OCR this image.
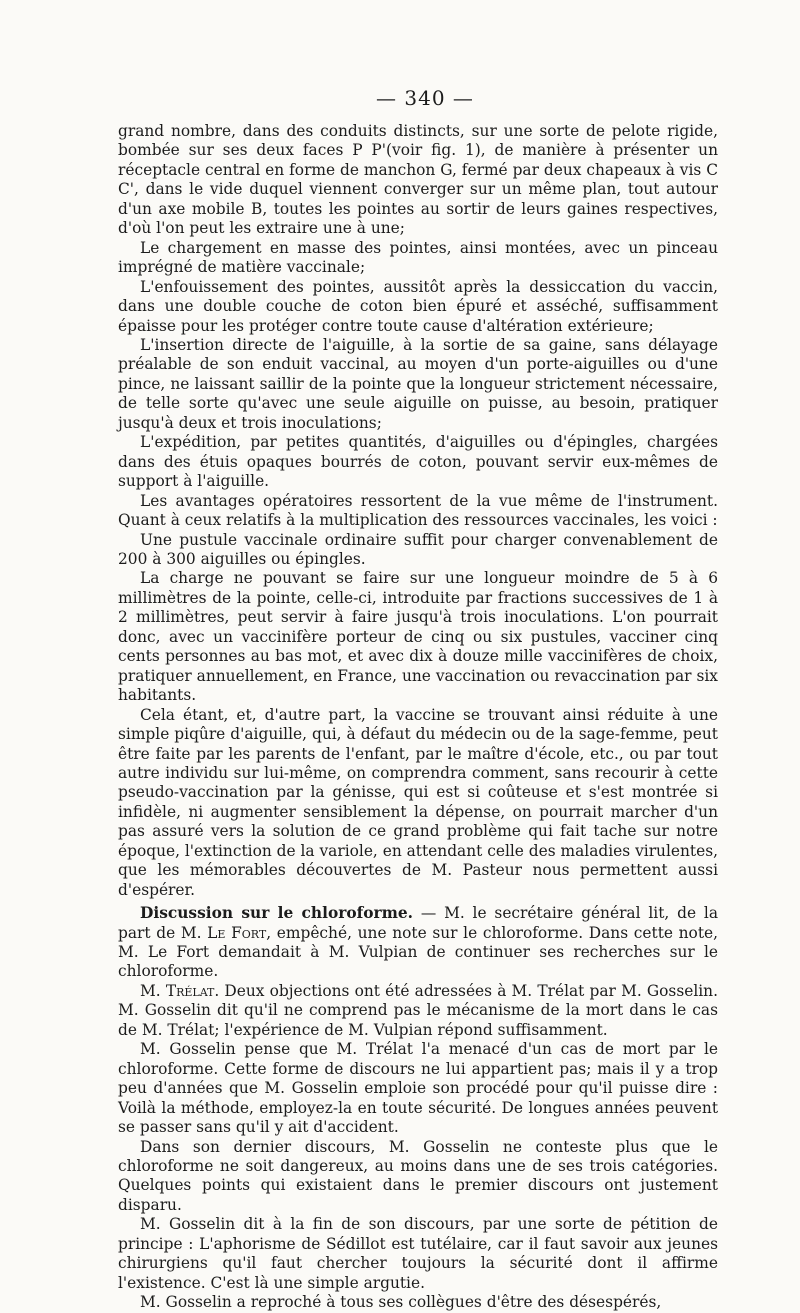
— 340 —

grand nombre, dans des conduits distincts, sur une sorte de pelote rigide, bombée sur ses deux faces P P'(voir fig. 1), de manière à présenter un réceptacle central en forme de manchon G, fermé par deux chapeaux à vis C C', dans le vide duquel viennent converger sur un même plan, tout autour d'un axe mobile B, toutes les pointes au sortir de leurs gaines respectives, d'où l'on peut les extraire une à une;

Le chargement en masse des pointes, ainsi montées, avec un pinceau imprégné de matière vaccinale;

L'enfouissement des pointes, aussitôt après la dessiccation du vaccin, dans une double couche de coton bien épuré et asséché, suffisamment épaisse pour les protéger contre toute cause d'altération extérieure;

L'insertion directe de l'aiguille, à la sortie de sa gaine, sans délayage préalable de son enduit vaccinal, au moyen d'un porte-aiguilles ou d'une pince, ne laissant saillir de la pointe que la longueur strictement nécessaire, de telle sorte qu'avec une seule aiguille on puisse, au besoin, pratiquer jusqu'à deux et trois inoculations;

L'expédition, par petites quantités, d'aiguilles ou d'épingles, chargées dans des étuis opaques bourrés de coton, pouvant servir eux-mêmes de support à l'aiguille.

Les avantages opératoires ressortent de la vue même de l'instrument. Quant à ceux relatifs à la multiplication des ressources vaccinales, les voici :

Une pustule vaccinale ordinaire suffit pour charger convenablement de 200 à 300 aiguilles ou épingles.

La charge ne pouvant se faire sur une longueur moindre de 5 à 6 millimètres de la pointe, celle-ci, introduite par fractions successives de 1 à 2 millimètres, peut servir à faire jusqu'à trois inoculations. L'on pourrait donc, avec un vaccinifère porteur de cinq ou six pustules, vacciner cinq cents personnes au bas mot, et avec dix à douze mille vaccinifères de choix, pratiquer annuellement, en France, une vaccination ou revaccination par six habitants.

Cela étant, et, d'autre part, la vaccine se trouvant ainsi réduite à une simple piqûre d'aiguille, qui, à défaut du médecin ou de la sage-femme, peut être faite par les parents de l'enfant, par le maître d'école, etc., ou par tout autre individu sur lui-même, on comprendra comment, sans recourir à cette pseudo-vaccination par la génisse, qui est si coûteuse et s'est montrée si infidèle, ni augmenter sensiblement la dépense, on pourrait marcher d'un pas assuré vers la solution de ce grand problème qui fait tache sur notre époque, l'extinction de la variole, en attendant celle des maladies virulentes, que les mémorables découvertes de M. Pasteur nous permettent aussi d'espérer.

Discussion sur le chloroforme. — M. le secrétaire général lit, de la part de M. Le Fort, empêché, une note sur le chloroforme. Dans cette note, M. Le Fort demandait à M. Vulpian de continuer ses recherches sur le chloroforme.

M. Trélat. Deux objections ont été adressées à M. Trélat par M. Gosselin. M. Gosselin dit qu'il ne comprend pas le mécanisme de la mort dans le cas de M. Trélat; l'expérience de M. Vulpian répond suffisamment.

M. Gosselin pense que M. Trélat l'a menacé d'un cas de mort par le chloroforme. Cette forme de discours ne lui appartient pas; mais il y a trop peu d'années que M. Gosselin emploie son procédé pour qu'il puisse dire : Voilà la méthode, employez-la en toute sécurité. De longues années peuvent se passer sans qu'il y ait d'accident.

Dans son dernier discours, M. Gosselin ne conteste plus que le chloroforme ne soit dangereux, au moins dans une de ses trois catégories. Quelques points qui existaient dans le premier discours ont justement disparu.

M. Gosselin dit à la fin de son discours, par une sorte de pétition de principe : L'aphorisme de Sédillot est tutélaire, car il faut savoir aux jeunes chirurgiens qu'il faut chercher toujours la sécurité dont il affirme l'existence. C'est là une simple argutie.

M. Gosselin a reproché à tous ses collègues d'être des désespérés,
